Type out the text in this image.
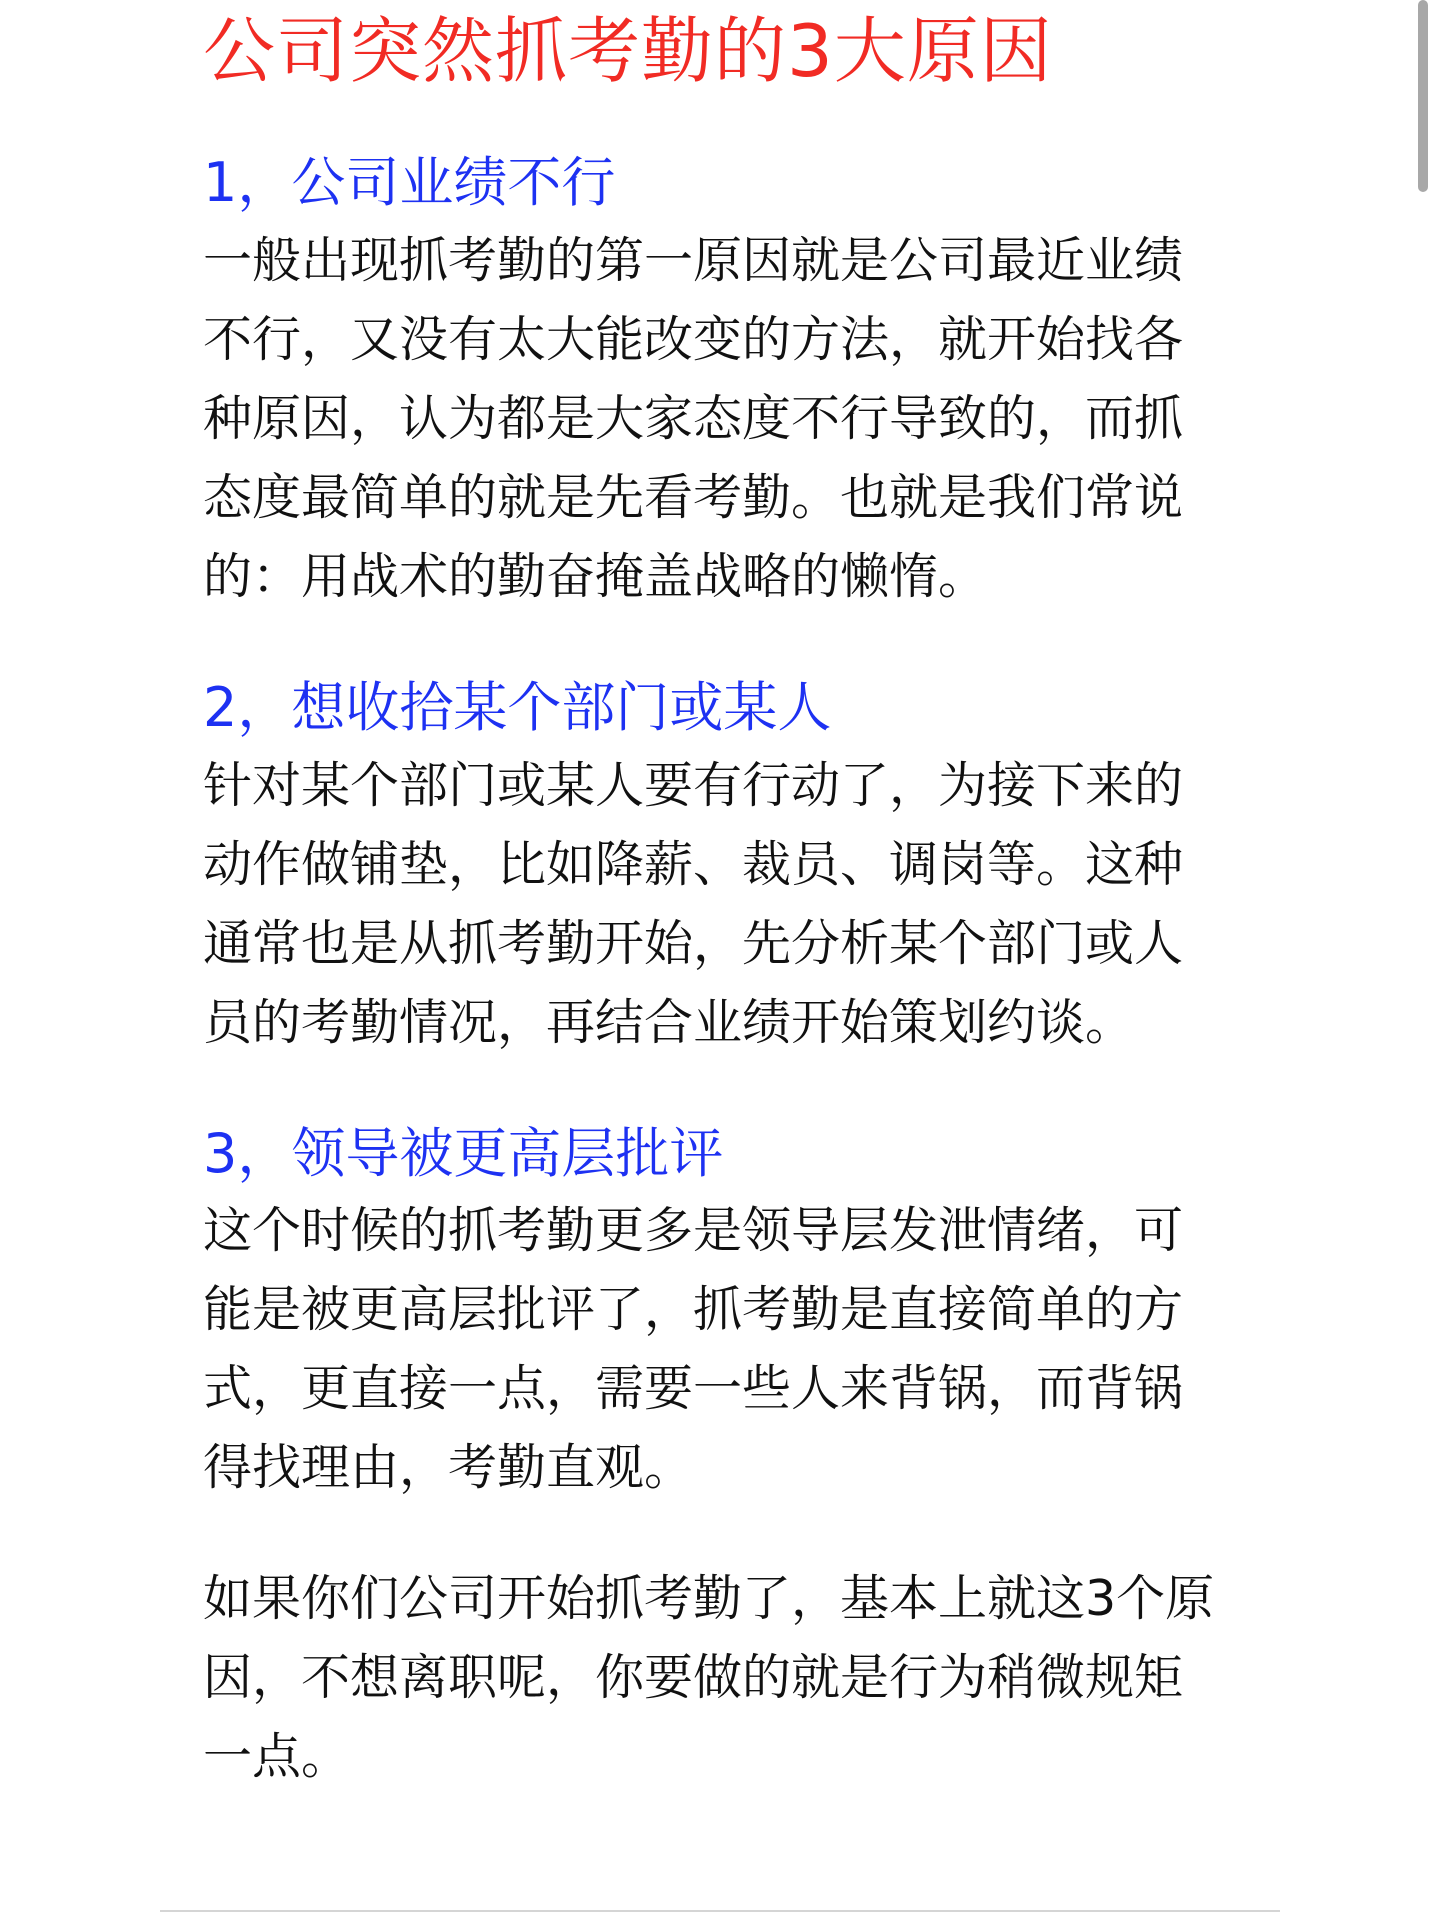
公司突然抓考勤的3大原因
1，公司业绩不行

一般出现抓考勤的第一原因就是公司最近业绩
不行，又没有太大能改变的方法，就开始找各
种原因，认为都是大家态度不行导致的，而抓
态度最简单的就是先看考勤。也就是我们常说
的：用战术的勤奋掩盖战略的懒惰。

2，想收拾某个部门或某人

针对某个部门或某人要有行动了，为接下来的
动作做铺垫，比如降薪、裁员、调岗等。这种
通常也是从抓考勤开始，先分析某个部门或人
员的考勤情况，再结合业绩开始策划约谈。

3，领导被更高层批评

这个时候的抓考勤更多是领导层发泄情绪，可
能是被更高层批评了，抓考勤是直接简单的方
式，更直接一点，需要一些人来背锅，而背锅
得找理由，考勤直观。

如果你们公司开始抓考勤了，基本上就这3个原
因，不想离职呢，你要做的就是行为稍微规矩
一点。
